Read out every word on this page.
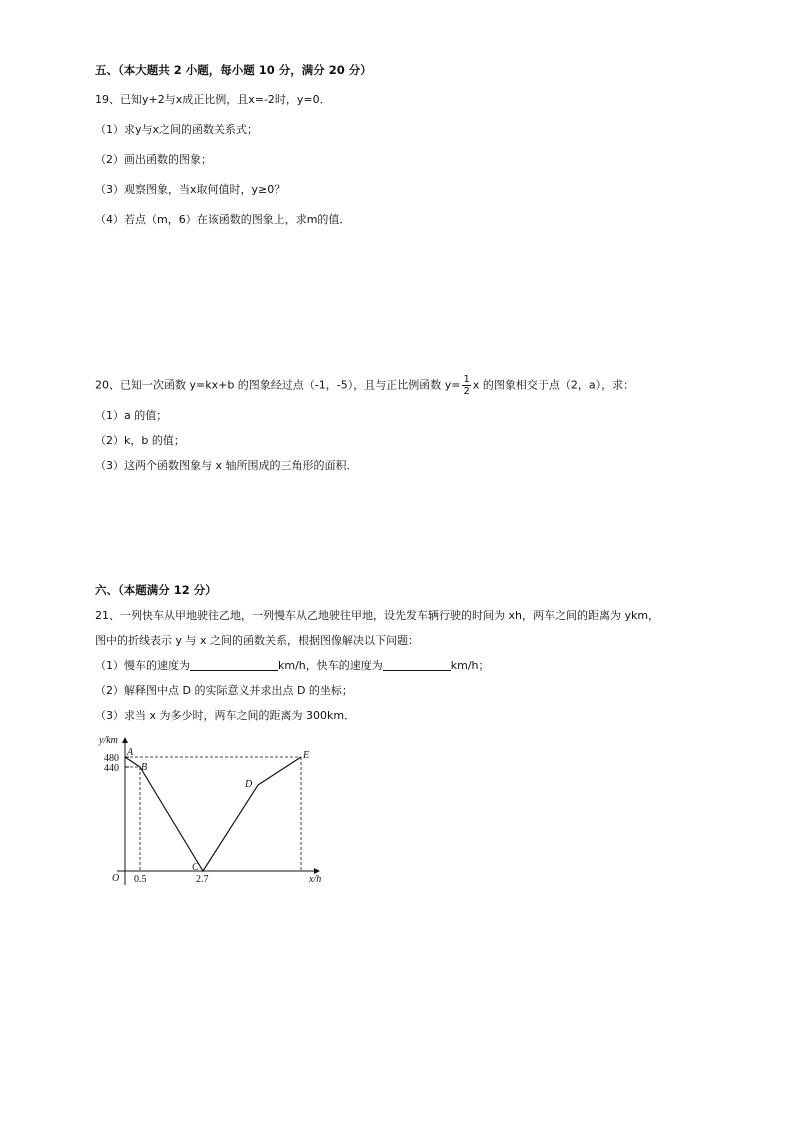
五、（本大题共 2 小题，每小题 10 分，满分 20 分）
19、已知y+2与x成正比例，且x=-2时，y=0．
（1）求y与x之间的函数关系式；
（2）画出函数的图象；
（3）观察图象，当x取何值时，y≥0？
（4）若点（m，6）在该函数的图象上，求m的值．
20、已知一次函数 y=kx+b 的图象经过点（-1，-5），且与正比例函数 $y= \frac{1}{2}$ x 的图象相交于点（2，a），求：
（1）a 的值；
（2）k，b 的值；
（3）这两个函数图象与 x 轴所围成的三角形的面积．
六、（本题满分 12 分）
21、一列快车从甲地驶往乙地，一列慢车从乙地驶往甲地，设先发车辆行驶的时间为 xh，两车之间的距离为 ykm，
图中的折线表示 y 与 x 之间的函数关系，根据图像解决以下问题：
（1）慢车的速度为	km/h，快车的速度为	km/h；
（2）解释图中点 D 的实际意义并求出点 D 的坐标；
（3）求当 x 为多少时，两车之间的距离为 300km．
y/km
x/h
O
480
440
0.5	2.7
A
B
C
D
E
